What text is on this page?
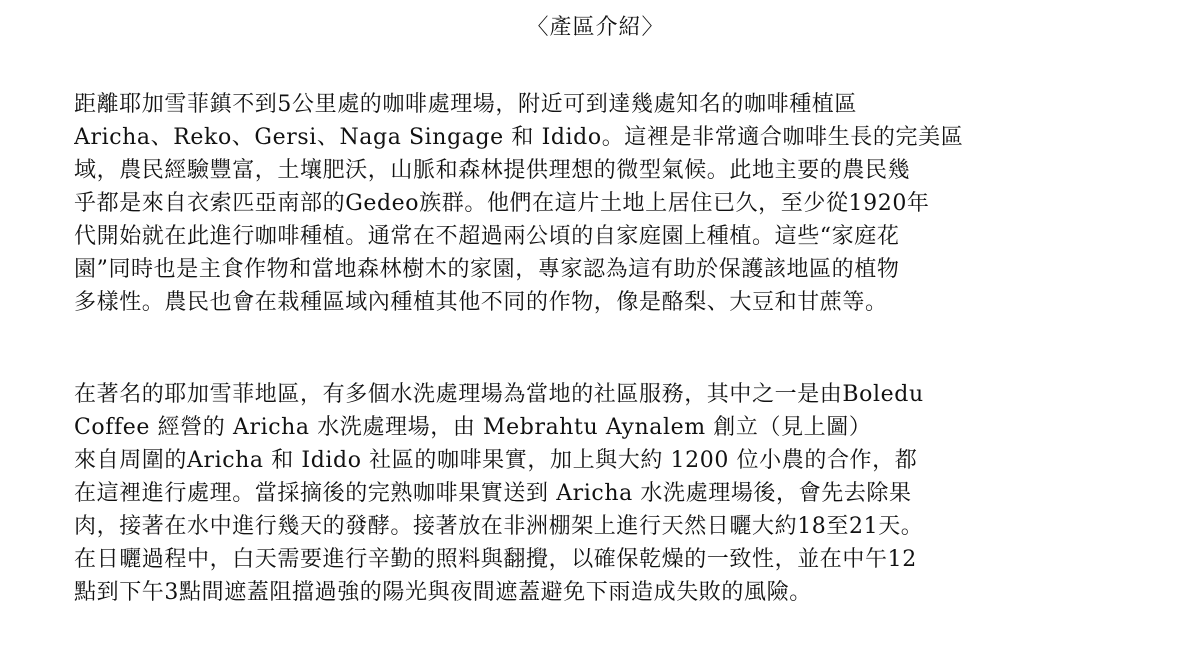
〈產區介紹〉
距離耶加雪菲鎮不到5公里處的咖啡處理場，附近可到達幾處知名的咖啡種植區
Aricha、Reko、Gersi、Naga Singage 和 Idido。這裡是非常適合咖啡生長的完美區
域，農民經驗豐富，土壤肥沃，山脈和森林提供理想的微型氣候。此地主要的農民幾
乎都是來自衣索匹亞南部的Gedeo族群。他們在這片土地上居住已久，至少從1920年
代開始就在此進行咖啡種植。通常在不超過兩公頃的自家庭園上種植。這些“家庭花
園”同時也是主食作物和當地森林樹木的家園，專家認為這有助於保護該地區的植物
多樣性。農民也會在栽種區域內種植其他不同的作物，像是酪梨、大豆和甘蔗等。
在著名的耶加雪菲地區，有多個水洗處理場為當地的社區服務，其中之一是由Boledu
Coffee 經營的 Aricha 水洗處理場，由 Mebrahtu Aynalem 創立（見上圖）
來自周圍的Aricha 和 Idido 社區的咖啡果實，加上與大約 1200 位小農的合作，都
在這裡進行處理。當採摘後的完熟咖啡果實送到 Aricha 水洗處理場後，會先去除果
肉，接著在水中進行幾天的發酵。接著放在非洲棚架上進行天然日曬大約18至21天。
在日曬過程中，白天需要進行辛勤的照料與翻攪，以確保乾燥的一致性，並在中午12
點到下午3點間遮蓋阻擋過強的陽光與夜間遮蓋避免下雨造成失敗的風險。
